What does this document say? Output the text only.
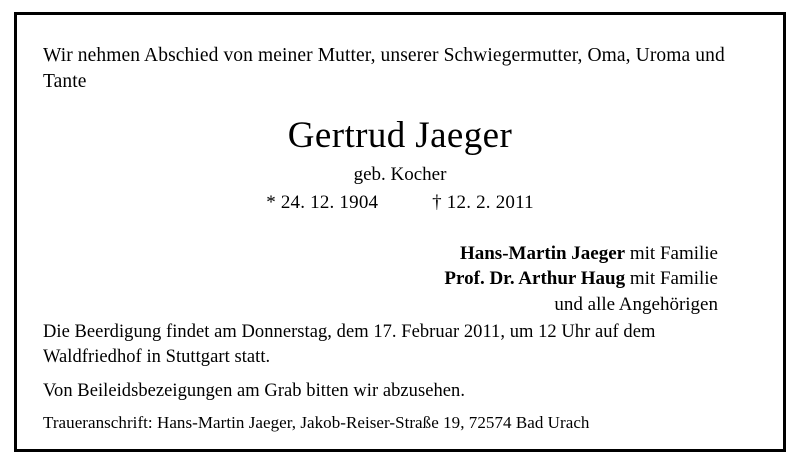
Wir nehmen Abschied von meiner Mutter, unserer Schwiegermutter, Oma, Uroma und Tante
Gertrud Jaeger
geb. Kocher
* 24. 12. 1904	† 12. 2. 2011
Hans-Martin Jaeger mit Familie
Prof. Dr. Arthur Haug mit Familie
und alle Angehörigen
Die Beerdigung findet am Donnerstag, dem 17. Februar 2011, um 12 Uhr auf dem Waldfriedhof in Stuttgart statt.
Von Beileidsbezeigungen am Grab bitten wir abzusehen.
Traueranschrift: Hans-Martin Jaeger, Jakob-Reiser-Straße 19, 72574 Bad Urach
